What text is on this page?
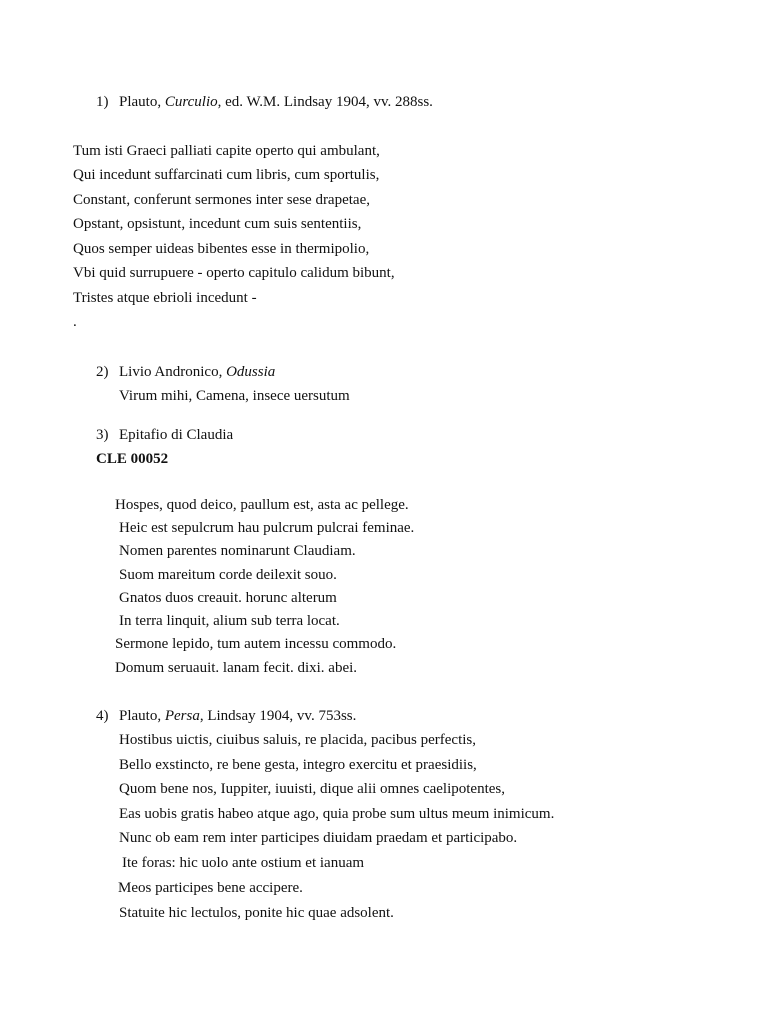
1) Plauto, Curculio, ed. W.M. Lindsay 1904, vv. 288ss.
Tum isti Graeci palliati capite operto qui ambulant,
Qui incedunt suffarcinati cum libris, cum sportulis,
Constant, conferunt sermones inter sese drapetae,
Opstant, opsistunt, incedunt cum suis sententiis,
Quos semper uideas bibentes esse in thermipolio,
Vbi quid surrupuere - operto capitulo calidum bibunt,
Tristes atque ebrioli incedunt -
.
2) Livio Andronico, Odussia
Virum mihi, Camena, insece uersutum
3) Epitafio di Claudia
CLE 00052
Hospes, quod deico, paullum est, asta ac pellege.
Heic est sepulcrum hau pulcrum pulcrai feminae.
Nomen parentes nominarunt Claudiam.
Suom mareitum corde deilexit souo.
Gnatos duos creauit. horunc alterum
In terra linquit, alium sub terra locat.
Sermone lepido, tum autem incessu commodo.
Domum seruauit. lanam fecit. dixi. abei.
4) Plauto, Persa, Lindsay 1904, vv. 753ss.
Hostibus uictis, ciuibus saluis, re placida, pacibus perfectis,
Bello exstincto, re bene gesta, integro exercitu et praesidiis,
Quom bene nos, Iuppiter, iuuisti, dique alii omnes caelipotentes,
Eas uobis gratis habeo atque ago, quia probe sum ultus meum inimicum.
Nunc ob eam rem inter participes diuidam praedam et participabo.
Ite foras: hic uolo ante ostium et ianuam
Meos participes bene accipere.
Statuite hic lectulos, ponite hic quae adsolent.
